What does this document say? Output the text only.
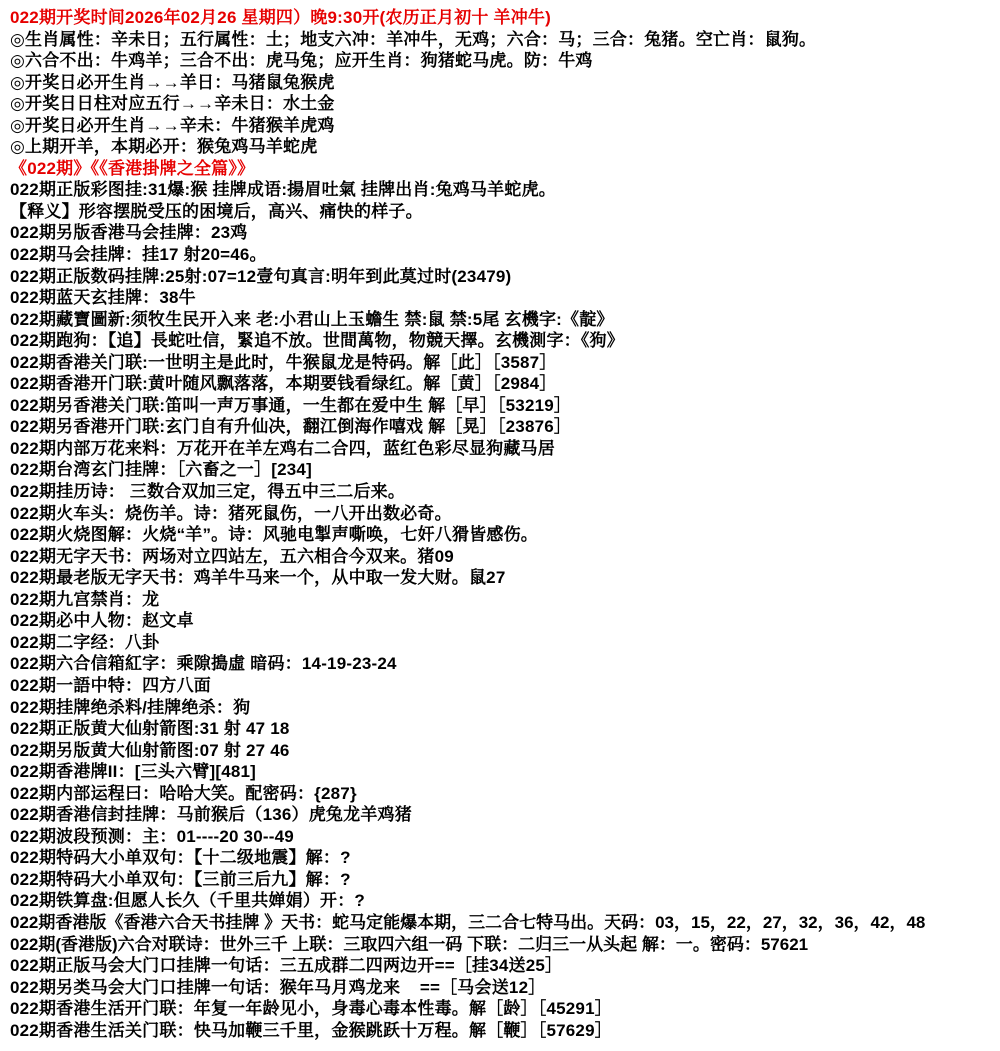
022期开奖时间2026年02月26 星期四）晚9:30开(农历正月初十 羊冲牛)
◎生肖属性：辛未日；五行属性：土；地支六冲：羊冲牛，无鸡；六合：马；三合：兔猪。空亡肖：鼠狗。
◎六合不出：牛鸡羊；三合不出：虎马兔；应开生肖：狗猪蛇马虎。防：牛鸡
◎开奖日必开生肖→→羊日：马猪鼠兔猴虎
◎开奖日日柱对应五行→→辛未日：水土金
◎开奖日必开生肖→→辛未：牛猪猴羊虎鸡
◎上期开羊，本期必开：猴兔鸡马羊蛇虎
《022期》《《香港掛牌之全篇》》
022期正版彩图挂:31爆:猴 挂牌成语:揚眉吐氣 挂牌出肖:兔鸡马羊蛇虎。
【释义】形容摆脱受压的困境后，高兴、痛快的样子。
022期另版香港马会挂牌：23鸡
022期马会挂牌：挂17 射20=46。
022期正版数码挂牌:25射:07=12壹句真言:明年到此莫过时(23479)
022期蓝天玄挂牌：38牛
022期藏寶圖新:须牧生民开入来 老:小君山上玉蟾生 禁:鼠 禁:5尾 玄機字:《靛》
022期跑狗：【追】長蛇吐信，緊追不放。世間萬物，物競天擇。玄機測字：《狗》
022期香港关门联:一世明主是此时，牛猴鼠龙是特码。解［此］［3587］
022期香港开门联:黄叶随风飘落落，本期要钱看绿红。解［黄］［2984］
022期另香港关门联:笛叫一声万事通，一生都在爱中生 解［早］［53219］
022期另香港开门联:玄门自有升仙决，翻江倒海作嘻戏 解［晃］［23876］
022期内部万花来料：万花开在羊左鸡右二合四，蓝红色彩尽显狗藏马居
022期台湾玄门挂牌：［六畜之一］[234]
022期挂历诗： 三数合双加三定，得五中三二后来。
022期火车头：烧伤羊。诗：猪死鼠伤，一八开出数必奇。
022期火烧图解：火烧“羊”。诗：风驰电掣声嘶唤，七奸八猾皆感伤。
022期无字天书：两场对立四站左，五六相合今双来。猪09
022期最老版无字天书：鸡羊牛马来一个，从中取一发大财。鼠27
022期九宫禁肖：龙
022期必中人物：赵文卓
022期二字经：八卦
022期六合信箱紅字：乘隙搗虛 暗码：14-19-23-24
022期一語中特：四方八面
022期挂牌绝杀料/挂牌绝杀：狗
022期正版黄大仙射箭图:31 射 47 18
022期另版黄大仙射箭图:07 射 27 46
022期香港牌II：[三头六臂][481]
022期内部运程曰：哈哈大笑。配密码：{287}
022期香港信封挂牌：马前猴后（136）虎兔龙羊鸡猪
022期波段预测：主：01----20 30--49
022期特码大小单双句：【十二级地震】解：?
022期特码大小单双句：【三前三后九】解：?
022期铁算盘:但愿人长久（千里共婵娟）开：?
022期香港版《香港六合天书挂牌 》天书：蛇马定能爆本期，三二合七特马出。天码：03，15，22，27，32，36，42，48
022期(香港版)六合对联诗：世外三千 上联：三取四六组一码 下联：二归三一从头起 解：一。密码：57621
022期正版马会大门口挂牌一句话：三五成群二四两边开==［挂34送25］
022期另类马会大门口挂牌一句话：猴年马月鸡龙来    ==［马会送12］
022期香港生活开门联：年复一年龄见小，身毒心毒本性毒。解［龄］［45291］
022期香港生活关门联：快马加鞭三千里，金猴跳跃十万程。解［鞭］［57629］
